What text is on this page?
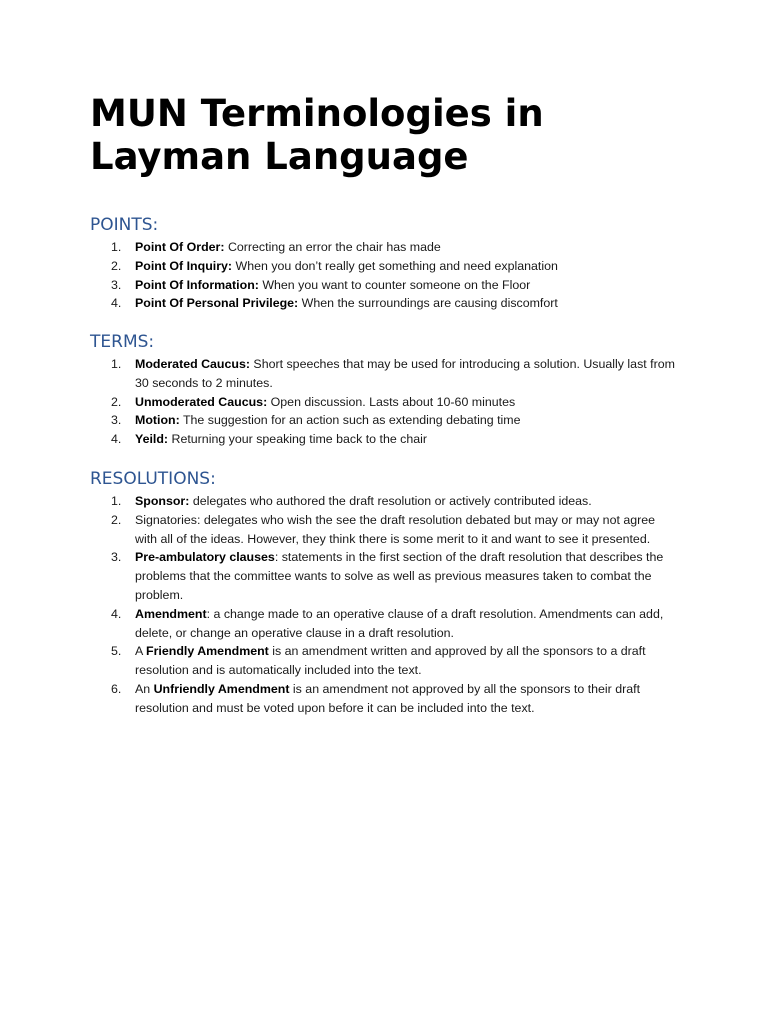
MUN Terminologies in Layman Language
POINTS:
1.	Point Of Order: Correcting an error the chair has made
2.	Point Of Inquiry: When you don’t really get something and need explanation
3.	Point Of Information: When you want to counter someone on the Floor
4.	Point Of Personal Privilege: When the surroundings are causing discomfort
TERMS:
1.	Moderated Caucus: Short speeches that may be used for introducing a solution. Usually last from 30 seconds to 2 minutes.
2.	Unmoderated Caucus: Open discussion. Lasts about 10-60 minutes
3.	Motion: The suggestion for an action such as extending debating time
4.	Yeild: Returning your speaking time back to the chair
RESOLUTIONS:
1.	Sponsor: delegates who authored the draft resolution or actively contributed ideas.
2.	Signatories: delegates who wish the see the draft resolution debated but may or may not agree with all of the ideas. However, they think there is some merit to it and want to see it presented.
3.	Pre-ambulatory clauses: statements in the first section of the draft resolution that describes the problems that the committee wants to solve as well as previous measures taken to combat the problem.
4.	Amendment: a change made to an operative clause of a draft resolution. Amendments can add, delete, or change an operative clause in a draft resolution.
5.	A Friendly Amendment is an amendment written and approved by all the sponsors to a draft resolution and is automatically included into the text.
6.	An Unfriendly Amendment is an amendment not approved by all the sponsors to their draft resolution and must be voted upon before it can be included into the text.
